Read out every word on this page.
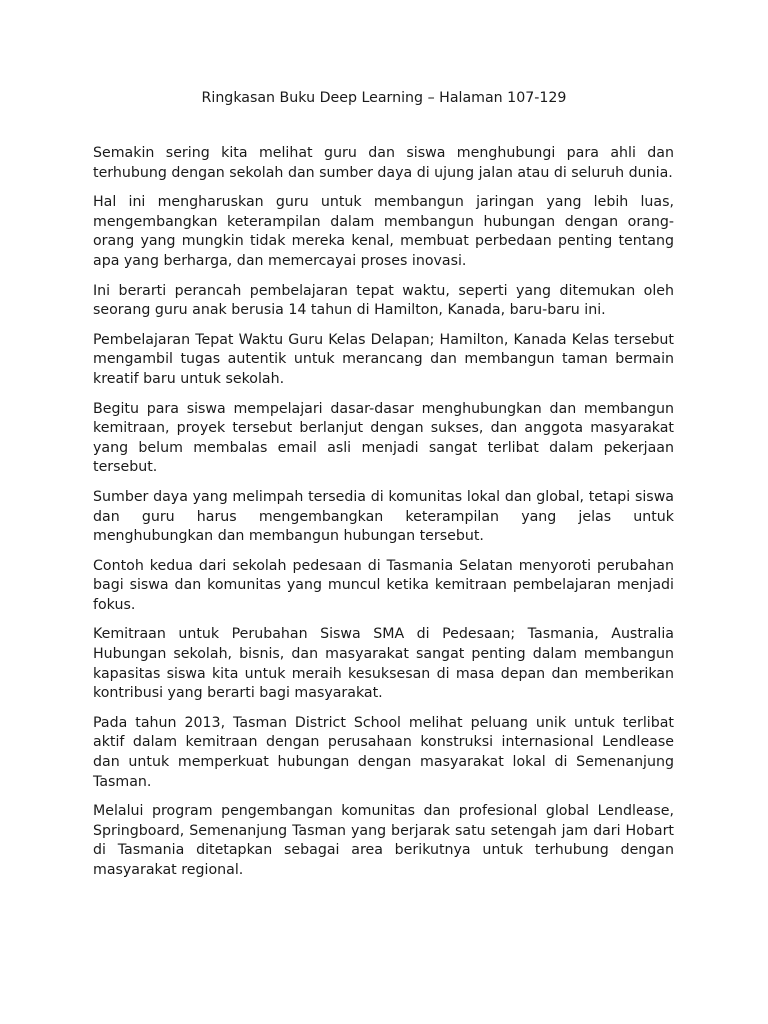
Ringkasan Buku Deep Learning – Halaman 107-129

Semakin sering kita melihat guru dan siswa menghubungi para ahli dan terhubung dengan sekolah dan sumber daya di ujung jalan atau di seluruh dunia.

Hal ini mengharuskan guru untuk membangun jaringan yang lebih luas, mengembangkan keterampilan dalam membangun hubungan dengan orang-orang yang mungkin tidak mereka kenal, membuat perbedaan penting tentang apa yang berharga, dan memercayai proses inovasi.

Ini berarti perancah pembelajaran tepat waktu, seperti yang ditemukan oleh seorang guru anak berusia 14 tahun di Hamilton, Kanada, baru-baru ini.

Pembelajaran Tepat Waktu Guru Kelas Delapan; Hamilton, Kanada Kelas tersebut mengambil tugas autentik untuk merancang dan membangun taman bermain kreatif baru untuk sekolah.

Begitu para siswa mempelajari dasar-dasar menghubungkan dan membangun kemitraan, proyek tersebut berlanjut dengan sukses, dan anggota masyarakat yang belum membalas email asli menjadi sangat terlibat dalam pekerjaan tersebut.

Sumber daya yang melimpah tersedia di komunitas lokal dan global, tetapi siswa dan guru harus mengembangkan keterampilan yang jelas untuk menghubungkan dan membangun hubungan tersebut.

Contoh kedua dari sekolah pedesaan di Tasmania Selatan menyoroti perubahan bagi siswa dan komunitas yang muncul ketika kemitraan pembelajaran menjadi fokus.

Kemitraan untuk Perubahan Siswa SMA di Pedesaan; Tasmania, Australia Hubungan sekolah, bisnis, dan masyarakat sangat penting dalam membangun kapasitas siswa kita untuk meraih kesuksesan di masa depan dan memberikan kontribusi yang berarti bagi masyarakat.

Pada tahun 2013, Tasman District School melihat peluang unik untuk terlibat aktif dalam kemitraan dengan perusahaan konstruksi internasional Lendlease dan untuk memperkuat hubungan dengan masyarakat lokal di Semenanjung Tasman.

Melalui program pengembangan komunitas dan profesional global Lendlease, Springboard, Semenanjung Tasman yang berjarak satu setengah jam dari Hobart di Tasmania ditetapkan sebagai area berikutnya untuk terhubung dengan masyarakat regional.
